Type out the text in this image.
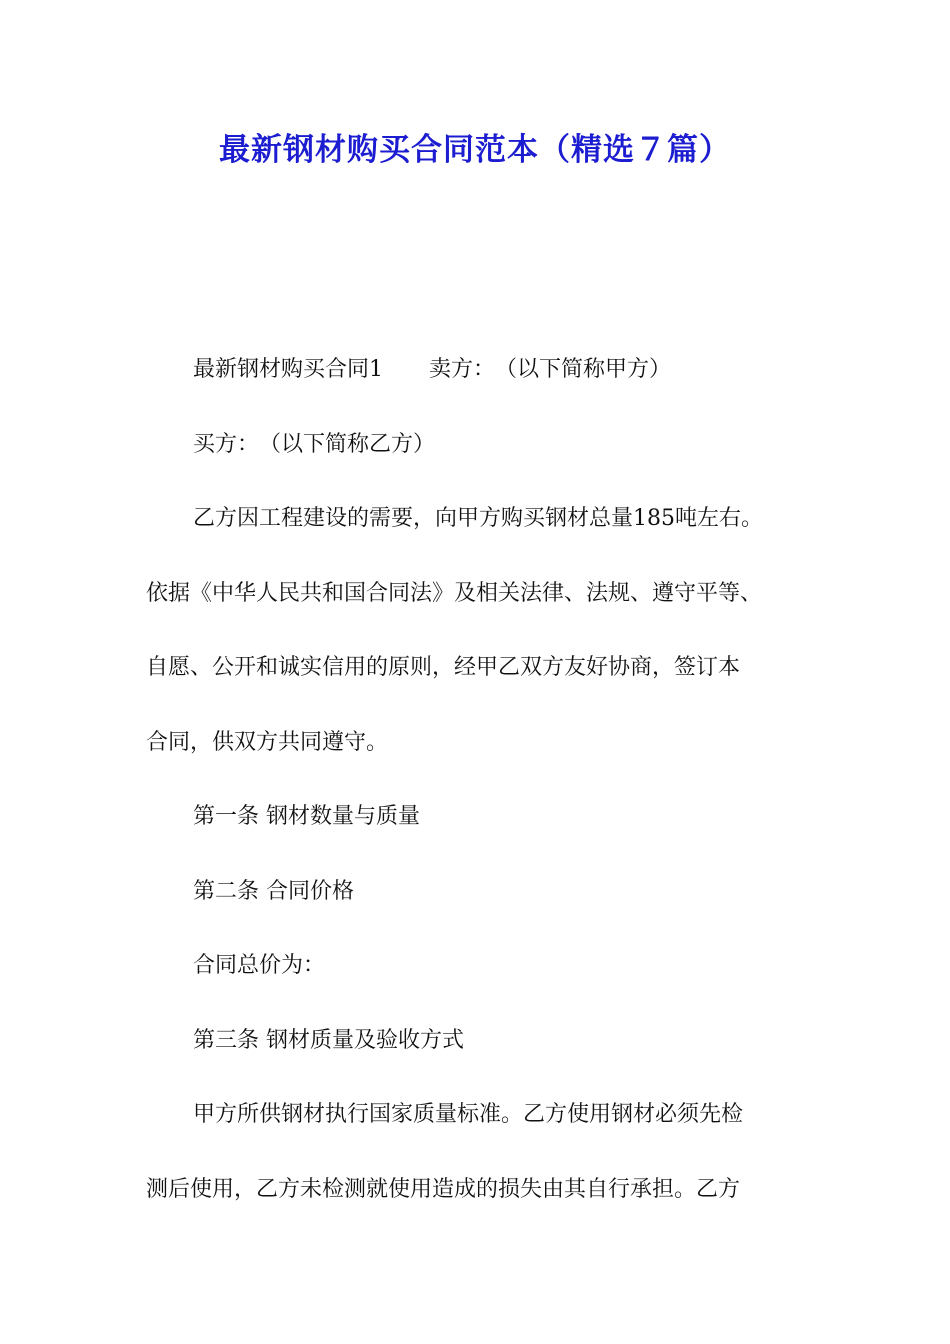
最新钢材购买合同范本（精选７篇）
最新钢材购买合同1 卖方：　（以下简称甲方）
买方：　（以下简称乙方）
乙方因工程建设的需要，向甲方购买钢材总量185吨左右。
依据《中华人民共和国合同法》及相关法律、法规、遵守平等、
自愿、公开和诚实信用的原则，经甲乙双方友好协商，签订本
合同，供双方共同遵守。
第一条 钢材数量与质量
第二条 合同价格
合同总价为：
第三条 钢材质量及验收方式
甲方所供钢材执行国家质量标准。乙方使用钢材必须先检
测后使用，乙方未检测就使用造成的损失由其自行承担。乙方
